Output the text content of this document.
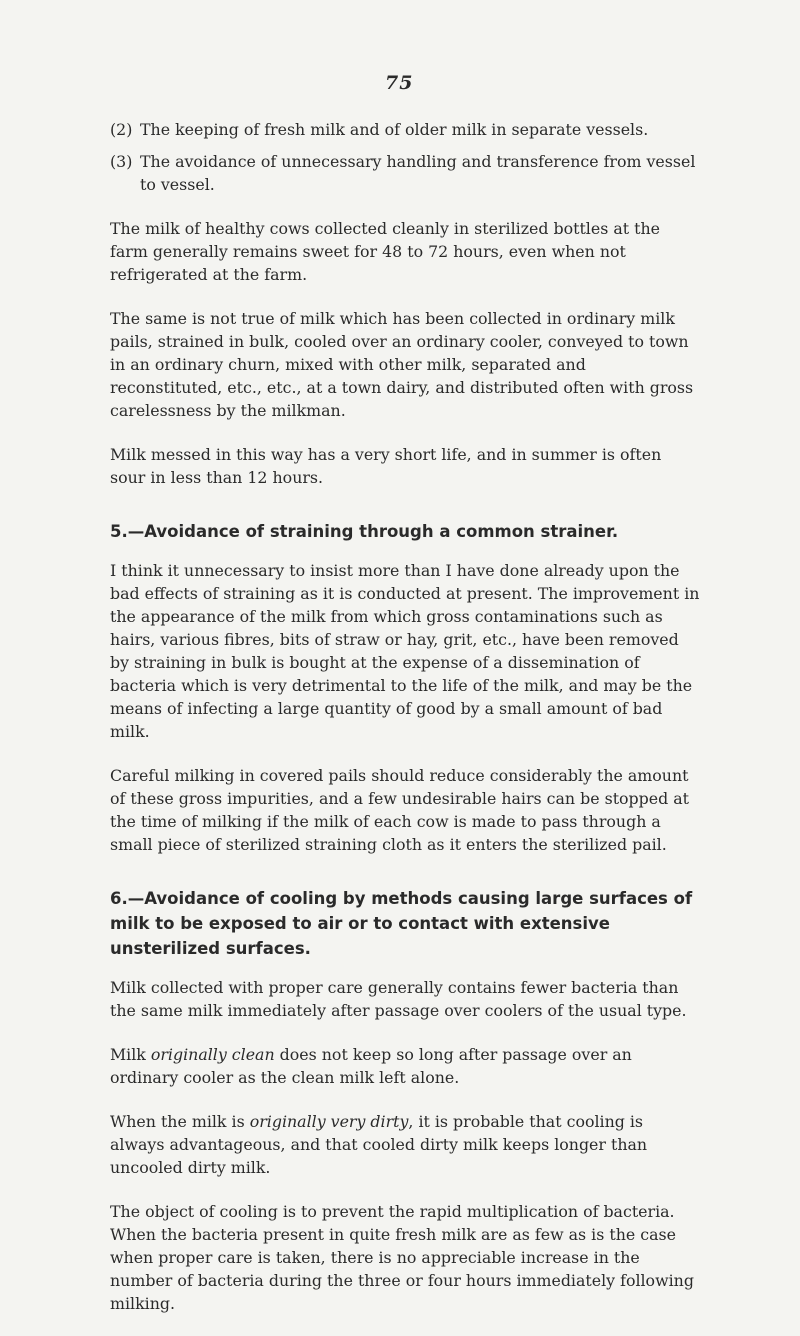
75
(2) The keeping of fresh milk and of older milk in separate vessels.
(3) The avoidance of unnecessary handling and transference from vessel to vessel.

The milk of healthy cows collected cleanly in sterilized bottles at the farm generally remains sweet for 48 to 72 hours, even when not refrigerated at the farm.

The same is not true of milk which has been collected in ordinary milk pails, strained in bulk, cooled over an ordinary cooler, conveyed to town in an ordinary churn, mixed with other milk, separated and reconstituted, etc., etc., at a town dairy, and distributed often with gross carelessness by the milkman.

Milk messed in this way has a very short life, and in summer is often sour in less than 12 hours.

5.—Avoidance of straining through a common strainer.

I think it unnecessary to insist more than I have done already upon the bad effects of straining as it is conducted at present. The improvement in the appearance of the milk from which gross contaminations such as hairs, various fibres, bits of straw or hay, grit, etc., have been removed by straining in bulk is bought at the expense of a dissemination of bacteria which is very detrimental to the life of the milk, and may be the means of infecting a large quantity of good by a small amount of bad milk.

Careful milking in covered pails should reduce considerably the amount of these gross impurities, and a few undesirable hairs can be stopped at the time of milking if the milk of each cow is made to pass through a small piece of sterilized straining cloth as it enters the sterilized pail.

6.—Avoidance of cooling by methods causing large surfaces of milk to be exposed to air or to contact with extensive unsterilized surfaces.

Milk collected with proper care generally contains fewer bacteria than the same milk immediately after passage over coolers of the usual type.

Milk originally clean does not keep so long after passage over an ordinary cooler as the clean milk left alone.

When the milk is originally very dirty, it is probable that cooling is always advantageous, and that cooled dirty milk keeps longer than uncooled dirty milk.

The object of cooling is to prevent the rapid multiplication of bacteria. When the bacteria present in quite fresh milk are as few as is the case when proper care is taken, there is no appreciable increase in the number of bacteria during the three or four hours immediately following milking.
